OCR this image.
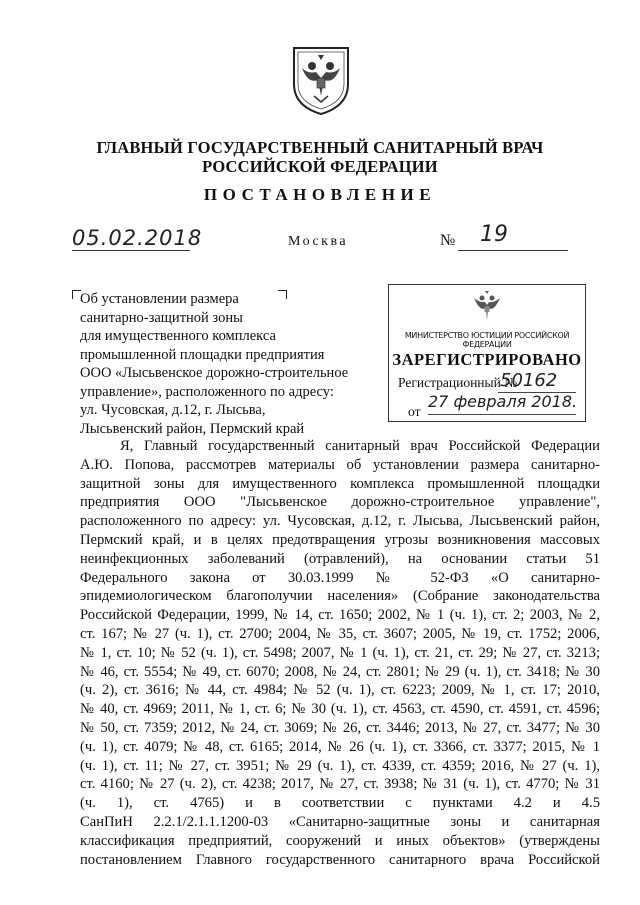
ГЛАВНЫЙ ГОСУДАРСТВЕННЫЙ САНИТАРНЫЙ ВРАЧ
РОССИЙСКОЙ ФЕДЕРАЦИИ
ПОСТАНОВЛЕНИЕ
05.02.2018	Москва	№ 19
Об установлении размера
санитарно-защитной зоны
для имущественного комплекса
промышленной площадки предприятия
ООО «Лысьвенское дорожно-строительное
управление», расположенного по адресу:
ул. Чусовская, д.12, г. Лысьва,
Лысьвенский район, Пермский край
МИНИСТЕРСТВО ЮСТИЦИИ РОССИЙСКОЙ ФЕДЕРАЦИИ
ЗАРЕГИСТРИРОВАНО
Регистрационный №
50162
от
27 февраля 2018.
Я, Главный государственный санитарный врач Российской Федерации
А.Ю. Попова, рассмотрев материалы об установлении размера санитарно-
защитной зоны для имущественного комплекса промышленной площадки
предприятия ООО "Лысьвенское дорожно-строительное управление",
расположенного по адресу: ул. Чусовская, д.12, г. Лысьва, Лысьвенский район,
Пермский край, и в целях предотвращения угрозы возникновения массовых
неинфекционных заболеваний (отравлений), на основании статьи 51
Федерального закона от 30.03.1999 № 52-ФЗ «О санитарно-
эпидемиологическом благополучии населения» (Собрание законодательства
Российской Федерации, 1999, № 14, ст. 1650; 2002, № 1 (ч. 1), ст. 2; 2003, № 2,
ст. 167; № 27 (ч. 1), ст. 2700; 2004, № 35, ст. 3607; 2005, № 19, ст. 1752; 2006,
№ 1, ст. 10; № 52 (ч. 1), ст. 5498; 2007, № 1 (ч. 1), ст. 21, ст. 29; № 27, ст. 3213;
№ 46, ст. 5554; № 49, ст. 6070; 2008, № 24, ст. 2801; № 29 (ч. 1), ст. 3418; № 30
(ч. 2), ст. 3616; № 44, ст. 4984; № 52 (ч. 1), ст. 6223; 2009, № 1, ст. 17; 2010,
№ 40, ст. 4969; 2011, № 1, ст. 6; № 30 (ч. 1), ст. 4563, ст. 4590, ст. 4591, ст. 4596;
№ 50, ст. 7359; 2012, № 24, ст. 3069; № 26, ст. 3446; 2013, № 27, ст. 3477; № 30
(ч. 1), ст. 4079; № 48, ст. 6165; 2014, № 26 (ч. 1), ст. 3366, ст. 3377; 2015, № 1
(ч. 1), ст. 11; № 27, ст. 3951; № 29 (ч. 1), ст. 4339, ст. 4359; 2016, № 27 (ч. 1),
ст. 4160; № 27 (ч. 2), ст. 4238; 2017, № 27, ст. 3938; № 31 (ч. 1), ст. 4770; № 31
(ч. 1), ст. 4765) и в соответствии с пунктами 4.2 и 4.5
СанПиН 2.2.1/2.1.1.1200-03 «Санитарно-защитные зоны и санитарная
классификация предприятий, сооружений и иных объектов» (утверждены
постановлением Главного государственного санитарного врача Российской
